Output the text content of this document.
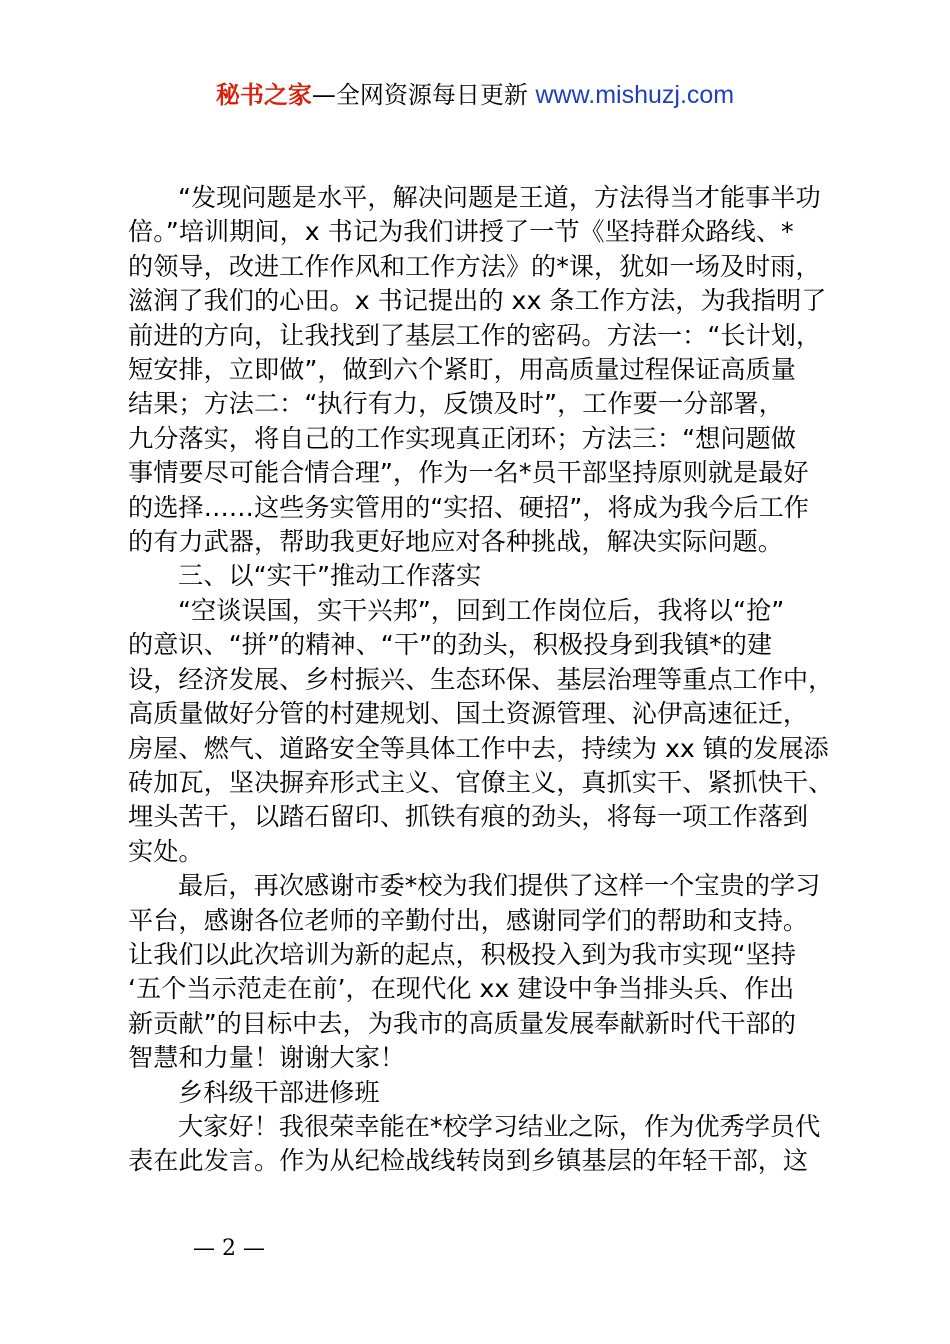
秘书之家—全网资源每日更新 www.mishuzj.com
“发现问题是水平，解决问题是王道，方法得当才能事半功
倍。”培训期间，x 书记为我们讲授了一节《坚持群众路线、*
的领导，改进工作作风和工作方法》的*课，犹如一场及时雨，
滋润了我们的心田。x 书记提出的 xx 条工作方法，为我指明了
前进的方向，让我找到了基层工作的密码。方法一：“长计划，
短安排，立即做”，做到六个紧盯，用高质量过程保证高质量
结果；方法二：“执行有力，反馈及时”，工作要一分部署，
九分落实，将自己的工作实现真正闭环；方法三：“想问题做
事情要尽可能合情合理”，作为一名*员干部坚持原则就是最好
的选择……这些务实管用的“实招、硬招”，将成为我今后工作
的有力武器，帮助我更好地应对各种挑战，解决实际问题。
三、以“实干”推动工作落实
“空谈误国，实干兴邦”，回到工作岗位后，我将以“抢”
的意识、“拼”的精神、“干”的劲头，积极投身到我镇*的建
设，经济发展、乡村振兴、生态环保、基层治理等重点工作中，
高质量做好分管的村建规划、国土资源管理、沁伊高速征迁，
房屋、燃气、道路安全等具体工作中去，持续为 xx 镇的发展添
砖加瓦，坚决摒弃形式主义、官僚主义，真抓实干、紧抓快干、
埋头苦干，以踏石留印、抓铁有痕的劲头，将每一项工作落到
实处。
最后，再次感谢市委*校为我们提供了这样一个宝贵的学习
平台，感谢各位老师的辛勤付出，感谢同学们的帮助和支持。
让我们以此次培训为新的起点，积极投入到为我市实现“坚持
‘五个当示范走在前’，在现代化 xx 建设中争当排头兵、作出
新贡献”的目标中去，为我市的高质量发展奉献新时代干部的
智慧和力量！谢谢大家！
乡科级干部进修班
大家好！我很荣幸能在*校学习结业之际，作为优秀学员代
表在此发言。作为从纪检战线转岗到乡镇基层的年轻干部，这
— 2 —
